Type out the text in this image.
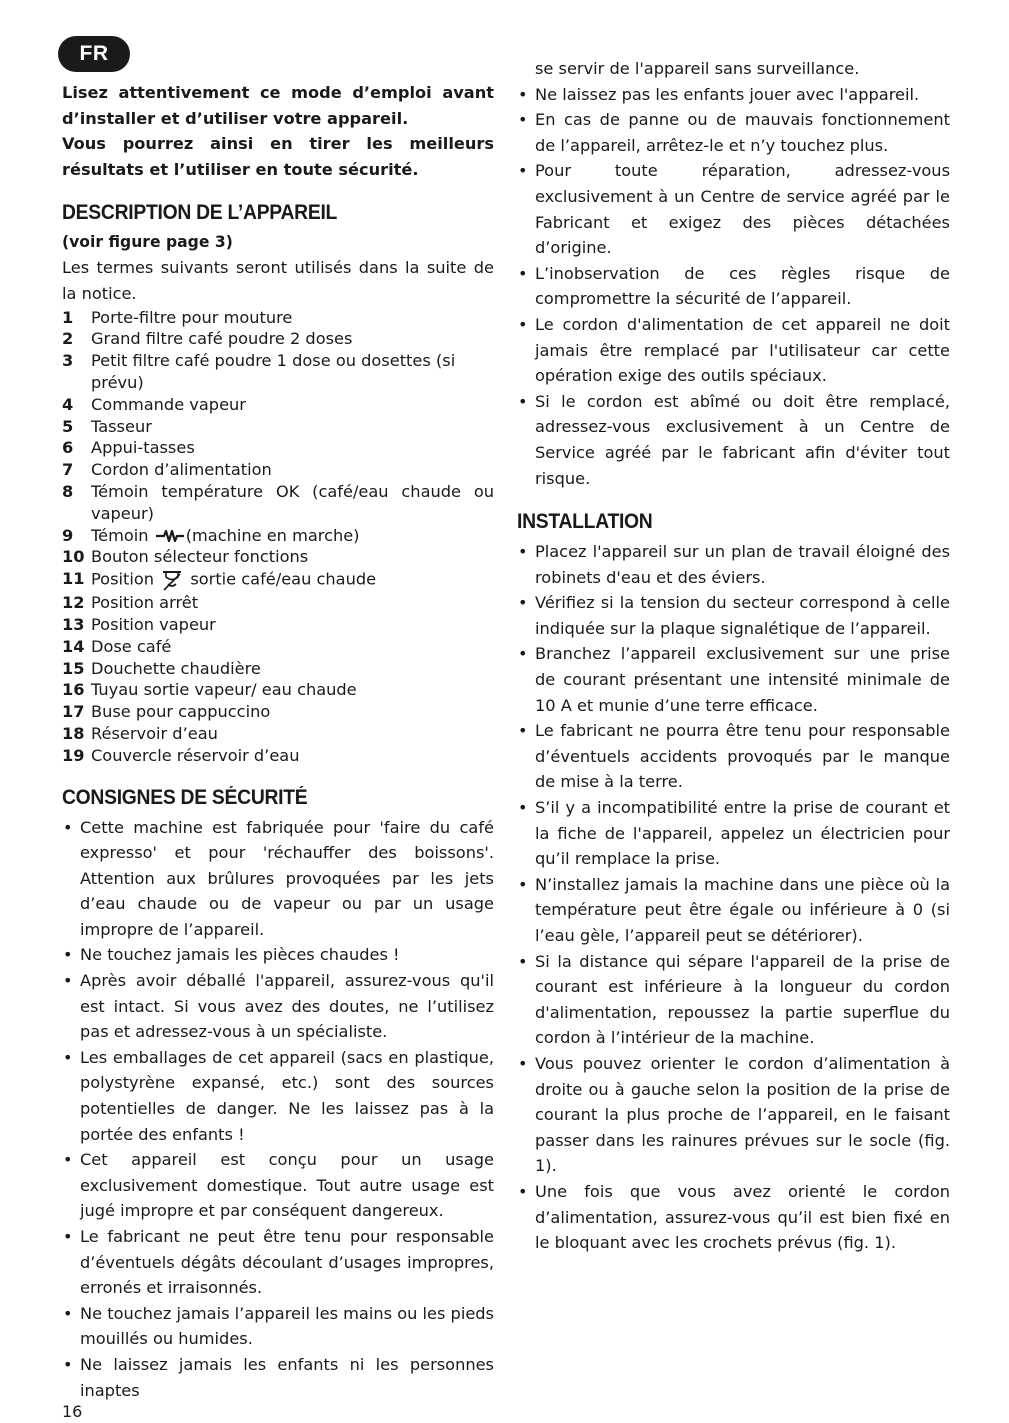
FR

Lisez attentivement ce mode d’emploi avant d’installer et d’utiliser votre appareil.

Vous pourrez ainsi en tirer les meilleurs résultats et l’utiliser en toute sécurité.

DESCRIPTION DE L’APPAREIL

(voir figure page 3)

Les termes suivants seront utilisés dans la suite de la notice.

1 Porte-filtre pour mouture
2 Grand filtre café poudre 2 doses
3 Petit filtre café poudre 1 dose ou dosettes (si prévu)
4 Commande vapeur
5 Tasseur
6 Appui-tasses
7 Cordon d’alimentation
8 Témoin température OK (café/eau chaude ou vapeur)
9 Témoin (machine en marche)
10 Bouton sélecteur fonctions
11 Position sortie café/eau chaude
12 Position arrêt
13 Position vapeur
14 Dose café
15 Douchette chaudière
16 Tuyau sortie vapeur/ eau chaude
17 Buse pour cappuccino
18 Réservoir d’eau
19 Couvercle réservoir d’eau
CONSIGNES DE SÉCURITÉ
• Cette machine est fabriquée pour 'faire du café expresso' et pour 'réchauffer des boissons'. Attention aux brûlures provoquées par les jets d’eau chaude ou de vapeur ou par un usage impropre de l’appareil.
• Ne touchez jamais les pièces chaudes !
• Après avoir déballé l'appareil, assurez-vous qu'il est intact. Si vous avez des doutes, ne l’utilisez pas et adressez-vous à un spécialiste.
• Les emballages de cet appareil (sacs en plastique, polystyrène expansé, etc.) sont des sources potentielles de danger. Ne les laissez pas à la portée des enfants !
• Cet appareil est conçu pour un usage exclusivement domestique. Tout autre usage est jugé impropre et par conséquent dangereux.
• Le fabricant ne peut être tenu pour responsable d’éventuels dégâts découlant d’usages impropres, erronés et irraisonnés.
• Ne touchez jamais l’appareil les mains ou les pieds mouillés ou humides.
• Ne laissez jamais les enfants ni les personnes inaptes

se servir de l'appareil sans surveillance.

• Ne laissez pas les enfants jouer avec l'appareil.
• En cas de panne ou de mauvais fonctionnement de l’appareil, arrêtez-le et n’y touchez plus.
• Pour toute réparation, adressez-vous exclusivement à un Centre de service agréé par le Fabricant et exigez des pièces détachées d’origine.
• L’inobservation de ces règles risque de compromettre la sécurité de l’appareil.
• Le cordon d'alimentation de cet appareil ne doit jamais être remplacé par l'utilisateur car cette opération exige des outils spéciaux.
• Si le cordon est abîmé ou doit être remplacé, adressez-vous exclusivement à un Centre de Service agréé par le fabricant afin d'éviter tout risque.
INSTALLATION
• Placez l'appareil sur un plan de travail éloigné des robinets d'eau et des éviers.
• Vérifiez si la tension du secteur correspond à celle indiquée sur la plaque signalétique de l’appareil.
• Branchez l’appareil exclusivement sur une prise de courant présentant une intensité minimale de 10 A et munie d’une terre efficace.
• Le fabricant ne pourra être tenu pour responsable d’éventuels accidents provoqués par le manque de mise à la terre.
• S’il y a incompatibilité entre la prise de courant et la fiche de l'appareil, appelez un électricien pour qu’il remplace la prise.
• N’installez jamais la machine dans une pièce où la température peut être égale ou inférieure à 0 (si l’eau gèle, l’appareil peut se détériorer).
• Si la distance qui sépare l'appareil de la prise de courant est inférieure à la longueur du cordon d'alimentation, repoussez la partie superflue du cordon à l’intérieur de la machine.
• Vous pouvez orienter le cordon d’alimentation à droite ou à gauche selon la position de la prise de courant la plus proche de l’appareil, en le faisant passer dans les rainures prévues sur le socle (fig. 1).
• Une fois que vous avez orienté le cordon d’alimentation, assurez-vous qu’il est bien fixé en le bloquant avec les crochets prévus (fig. 1).
16
